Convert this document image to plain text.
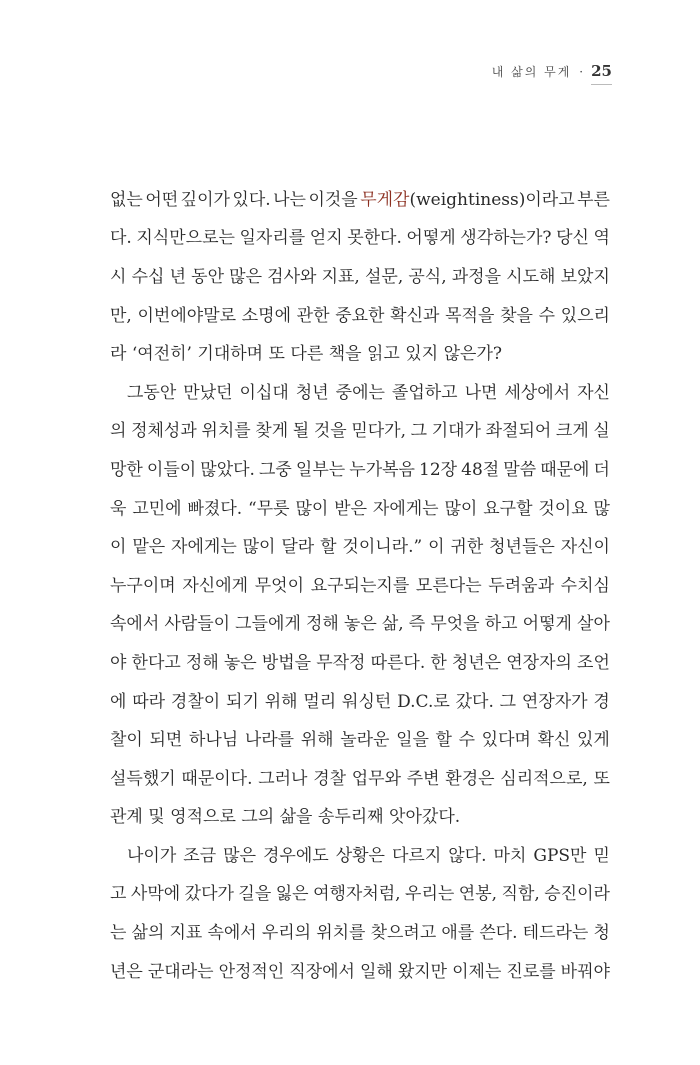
내 삶의 무게 · 25
없는 어떤 깊이가 있다. 나는 이것을 무게감(weightiness)이라고 부른
다. 지식만으로는 일자리를 얻지 못한다. 어떻게 생각하는가? 당신 역
시 수십 년 동안 많은 검사와 지표, 설문, 공식, 과정을 시도해 보았지
만, 이번에야말로 소명에 관한 중요한 확신과 목적을 찾을 수 있으리
라 ‘여전히’ 기대하며 또 다른 책을 읽고 있지 않은가?
그동안 만났던 이십대 청년 중에는 졸업하고 나면 세상에서 자신
의 정체성과 위치를 찾게 될 것을 믿다가, 그 기대가 좌절되어 크게 실
망한 이들이 많았다. 그중 일부는 누가복음 12장 48절 말씀 때문에 더
욱 고민에 빠졌다. “무릇 많이 받은 자에게는 많이 요구할 것이요 많
이 맡은 자에게는 많이 달라 할 것이니라.” 이 귀한 청년들은 자신이
누구이며 자신에게 무엇이 요구되는지를 모른다는 두려움과 수치심
속에서 사람들이 그들에게 정해 놓은 삶, 즉 무엇을 하고 어떻게 살아
야 한다고 정해 놓은 방법을 무작정 따른다. 한 청년은 연장자의 조언
에 따라 경찰이 되기 위해 멀리 워싱턴 D.C.로 갔다. 그 연장자가 경
찰이 되면 하나님 나라를 위해 놀라운 일을 할 수 있다며 확신 있게
설득했기 때문이다. 그러나 경찰 업무와 주변 환경은 심리적으로, 또
관계 및 영적으로 그의 삶을 송두리째 앗아갔다.
나이가 조금 많은 경우에도 상황은 다르지 않다. 마치 GPS만 믿
고 사막에 갔다가 길을 잃은 여행자처럼, 우리는 연봉, 직함, 승진이라
는 삶의 지표 속에서 우리의 위치를 찾으려고 애를 쓴다. 테드라는 청
년은 군대라는 안정적인 직장에서 일해 왔지만 이제는 진로를 바꿔야
